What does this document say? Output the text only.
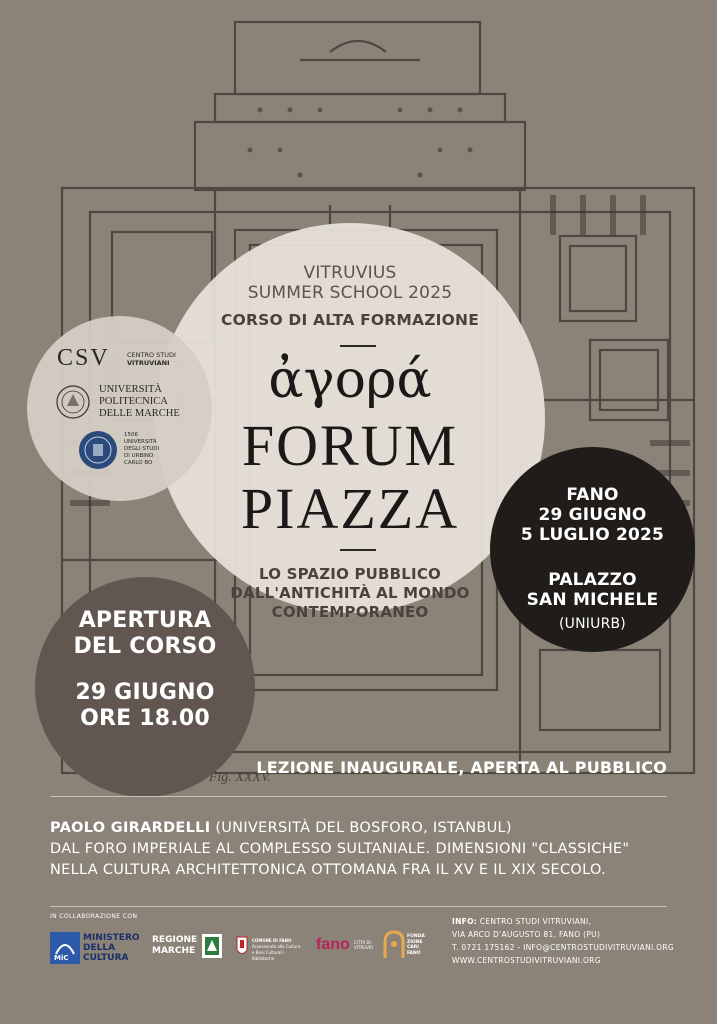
Fig. XXXV.
VITRUVIUS
SUMMER SCHOOL 2025
CORSO DI ALTA FORMAZIONE
ἀγορά
FORUM
PIAZZA
LO SPAZIO PUBBLICO
DALL'ANTICHITÀ AL MONDO
CONTEMPORANEO
CSV	CENTRO STUDI
VITRUVIANI
UNIVERSITÀ
POLITECNICA
DELLE MARCHE
1506
UNIVERSITÀ
DEGLI STUDI
DI URBINO
CARLO BO
FANO
29 GIUGNO
5 LUGLIO 2025
PALAZZO
SAN MICHELE
(UNIURB)
APERTURA
DEL CORSO
29 GIUGNO
ORE 18.00
LEZIONE INAUGURALE, APERTA AL PUBBLICO
PAOLO GIRARDELLI (UNIVERSITÀ DEL BOSFORO, ISTANBUL)
DAL FORO IMPERIALE AL COMPLESSO SULTANIALE. DIMENSIONI "CLASSICHE"
NELLA CULTURA ARCHITETTONICA OTTOMANA FRA IL XV E IL XIX SECOLO.
IN COLLABORAZIONE CON
MiC
MINISTERO
DELLA
CULTURA
REGIONE
MARCHE
COMUNE DI FANO
Assessorato alla Cultura
e Beni Culturali - Biblioteche
fano CITTÀ DI
VITRUVIO
FONDA
ZIONE
CARI
FANO
INFO: CENTRO STUDI VITRUVIANI,
VIA ARCO D'AUGUSTO 81, FANO (PU)
T. 0721 175162 - INFO@CENTROSTUDIVITRUVIANI.ORG
WWW.CENTROSTUDIVITRUVIANI.ORG
